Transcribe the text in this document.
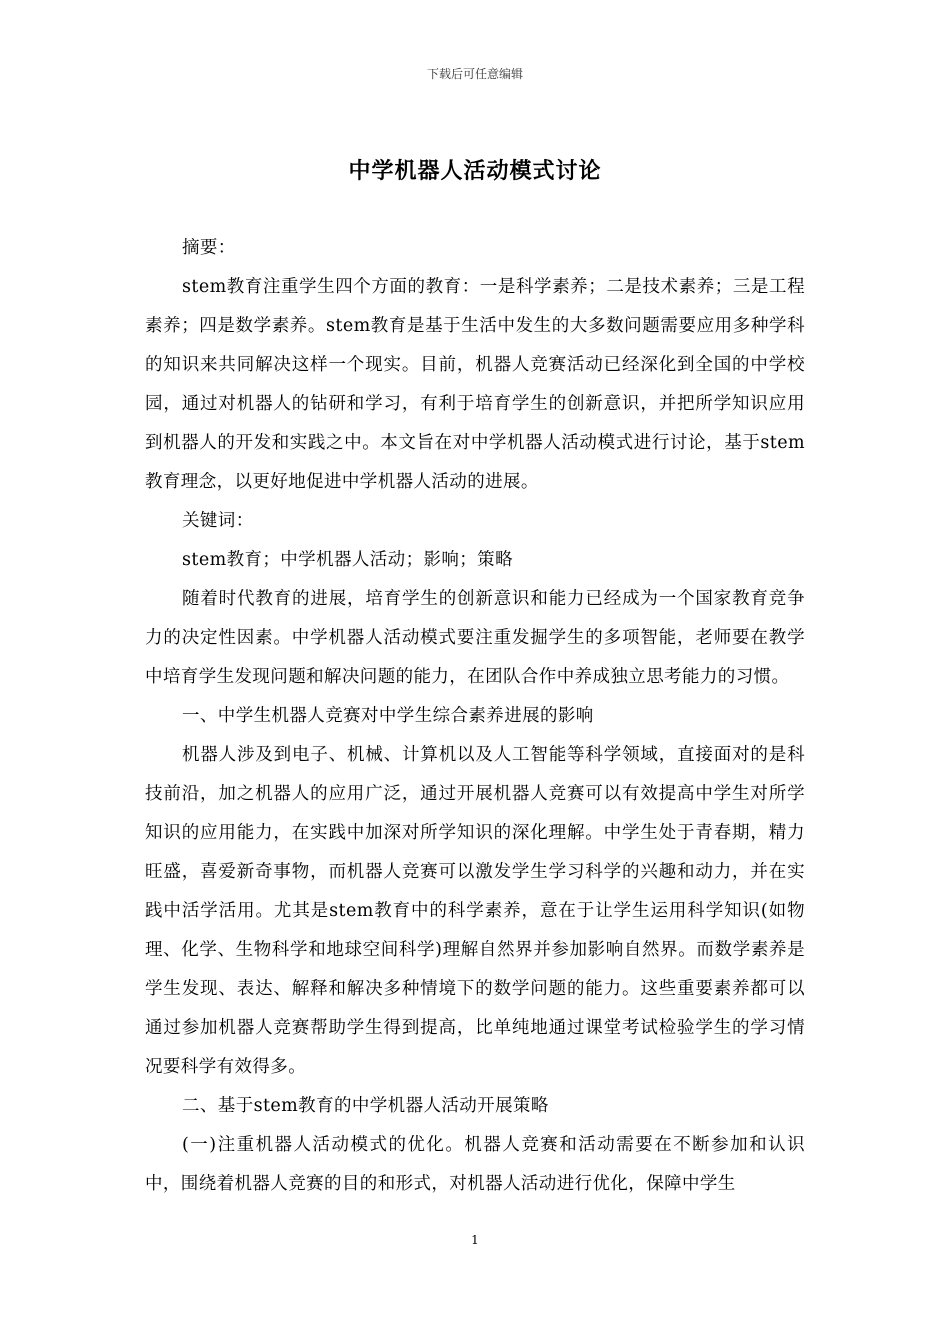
下载后可任意编辑
中学机器人活动模式讨论

摘要：

stem教育注重学生四个方面的教育：一是科学素养；二是技术素养；三是工程素养；四是数学素养。stem教育是基于生活中发生的大多数问题需要应用多种学科的知识来共同解决这样一个现实。目前，机器人竞赛活动已经深化到全国的中学校园，通过对机器人的钻研和学习，有利于培育学生的创新意识，并把所学知识应用到机器人的开发和实践之中。本文旨在对中学机器人活动模式进行讨论，基于stem教育理念，以更好地促进中学机器人活动的进展。

关键词：

stem教育；中学机器人活动；影响；策略

随着时代教育的进展，培育学生的创新意识和能力已经成为一个国家教育竞争力的决定性因素。中学机器人活动模式要注重发掘学生的多项智能，老师要在教学中培育学生发现问题和解决问题的能力，在团队合作中养成独立思考能力的习惯。

一、中学生机器人竞赛对中学生综合素养进展的影响

机器人涉及到电子、机械、计算机以及人工智能等科学领域，直接面对的是科技前沿，加之机器人的应用广泛，通过开展机器人竞赛可以有效提高中学生对所学知识的应用能力，在实践中加深对所学知识的深化理解。中学生处于青春期，精力旺盛，喜爱新奇事物，而机器人竞赛可以激发学生学习科学的兴趣和动力，并在实践中活学活用。尤其是stem教育中的科学素养，意在于让学生运用科学知识(如物理、化学、生物科学和地球空间科学)理解自然界并参加影响自然界。而数学素养是学生发现、表达、解释和解决多种情境下的数学问题的能力。这些重要素养都可以通过参加机器人竞赛帮助学生得到提高，比单纯地通过课堂考试检验学生的学习情况要科学有效得多。

二、基于stem教育的中学机器人活动开展策略

(一)注重机器人活动模式的优化。机器人竞赛和活动需要在不断参加和认识中，围绕着机器人竞赛的目的和形式，对机器人活动进行优化，保障中学生

1
